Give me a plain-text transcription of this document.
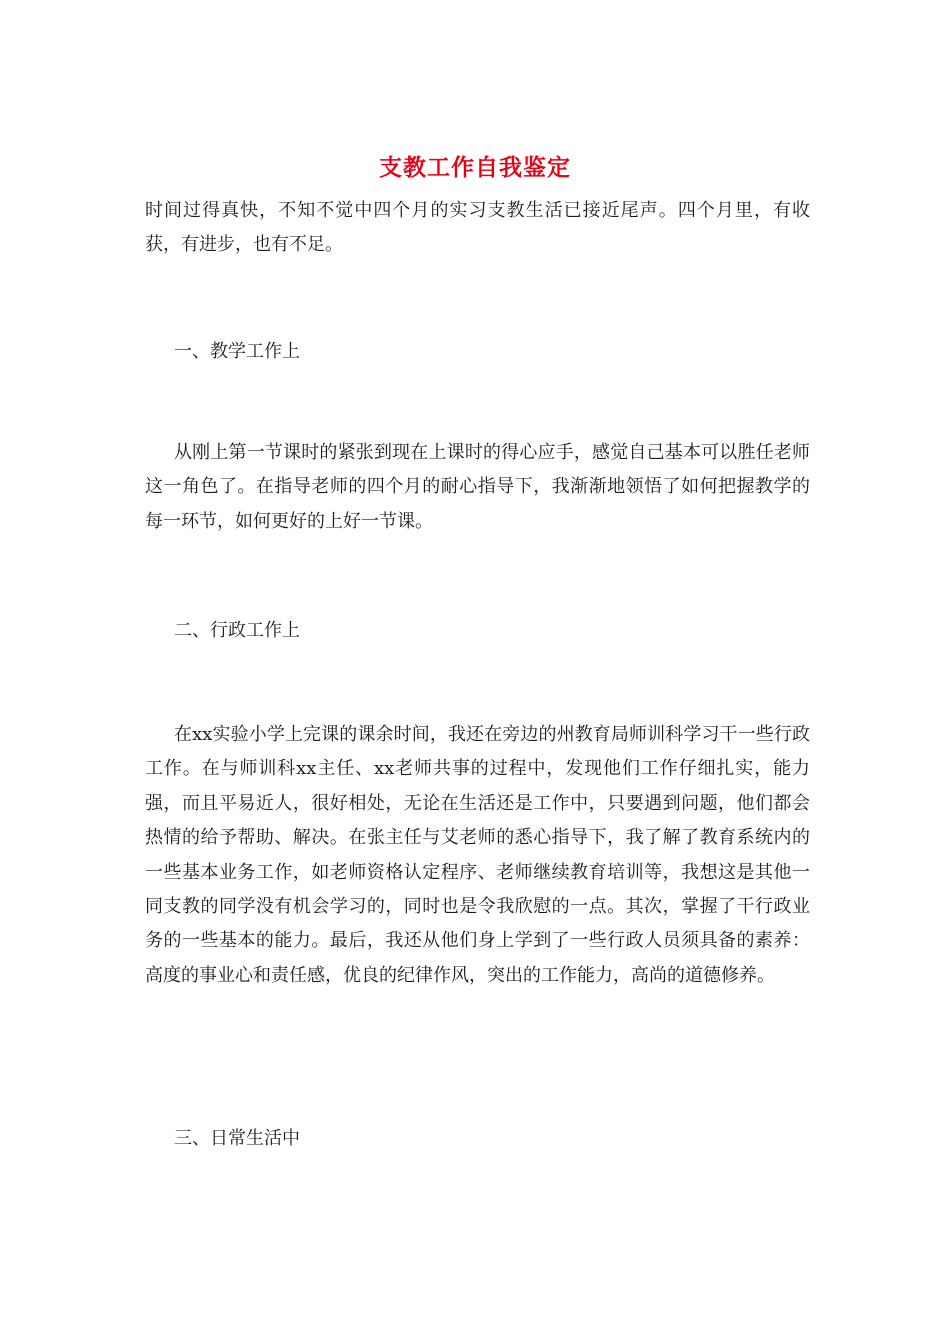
支教工作自我鉴定

时间过得真快，不知不觉中四个月的实习支教生活已接近尾声。四个月里，有收获，有进步，也有不足。

一、教学工作上

从刚上第一节课时的紧张到现在上课时的得心应手，感觉自己基本可以胜任老师这一角色了。在指导老师的四个月的耐心指导下，我渐渐地领悟了如何把握教学的每一环节，如何更好的上好一节课。

二、行政工作上

在xx实验小学上完课的课余时间，我还在旁边的州教育局师训科学习干一些行政工作。在与师训科xx主任、xx老师共事的过程中，发现他们工作仔细扎实，能力强，而且平易近人，很好相处，无论在生活还是工作中，只要遇到问题，他们都会热情的给予帮助、解决。在张主任与艾老师的悉心指导下，我了解了教育系统内的一些基本业务工作，如老师资格认定程序、老师继续教育培训等，我想这是其他一同支教的同学没有机会学习的，同时也是令我欣慰的一点。其次，掌握了干行政业务的一些基本的能力。最后，我还从他们身上学到了一些行政人员须具备的素养：高度的事业心和责任感，优良的纪律作风，突出的工作能力，高尚的道德修养。

三、日常生活中
